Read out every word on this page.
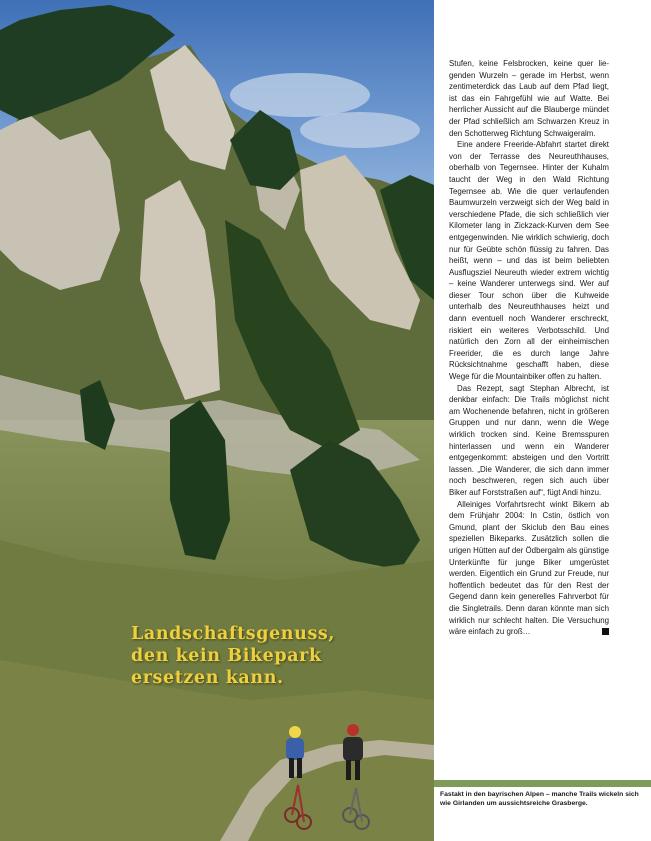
Landschaftsgenuss,
den kein Bikepark
ersetzen kann.

Stufen, keine Felsbrocken, keine quer liegenden Wurzeln – gerade im Herbst, wenn zentimeterdick das Laub auf dem Pfad liegt, ist das ein Fahrgefühl wie auf Watte. Bei herrlicher Aussicht auf die Blauberge mündet der Pfad schließlich am Schwarzen Kreuz in den Schotterweg Richtung Schwaigeralm.

Eine andere Freeride-Abfahrt startet direkt von der Terrasse des Neureuthhauses, oberhalb von Tegernsee. Hinter der Kuhalm taucht der Weg in den Wald Richtung Tegernsee ab. Wie die quer verlaufenden Baumwurzeln verzweigt sich der Weg bald in verschiedene Pfade, die sich schließlich vier Kilometer lang in Zickzack-Kurven dem See entgegenwinden. Nie wirklich schwierig, doch nur für Geübte schön flüssig zu fahren. Das heißt, wenn – und das ist beim beliebten Ausflugsziel Neureuth wieder extrem wichtig – keine Wanderer unterwegs sind. Wer auf dieser Tour schon über die Kuhweide unterhalb des Neureuthhauses heizt und dann eventuell noch Wanderer erschreckt, riskiert ein weiteres Verbotsschild. Und natürlich den Zorn all der einheimischen Freerider, die es durch lange Jahre Rücksichtnahme geschafft haben, diese Wege für die Mountainbiker offen zu halten.

Das Rezept, sagt Stephan Albrecht, ist denkbar einfach: Die Trails möglichst nicht am Wochenende befahren, nicht in größeren Gruppen und nur dann, wenn die Wege wirklich trocken sind. Keine Bremsspuren hinterlassen und wenn ein Wanderer entgegenkommt: absteigen und den Vortritt lassen. „Die Wanderer, die sich dann immer noch beschweren, regen sich auch über Biker auf Forststraßen auf“, fügt Andi hinzu.

Alleiniges Vorfahrtsrecht winkt Bikern ab dem Frühjahr 2004: In Cstin, östlich von Gmund, plant der Skiclub den Bau eines speziellen Bikeparks. Zusätzlich sollen die urigen Hütten auf der Ödbergalm als günstige Unterkünfte für junge Biker umgerüstet werden. Eigentlich ein Grund zur Freude, nur hoffentlich bedeutet das für den Rest der Gegend dann kein generelles Fahrverbot für die Singletrails. Denn daran könnte man sich wirklich nur schlecht halten. Die Versuchung wäre einfach zu groß…

Fastakt in den bayrischen Alpen – manche Trails wickeln sich wie Girlanden um aussichtsreiche Grasberge.
